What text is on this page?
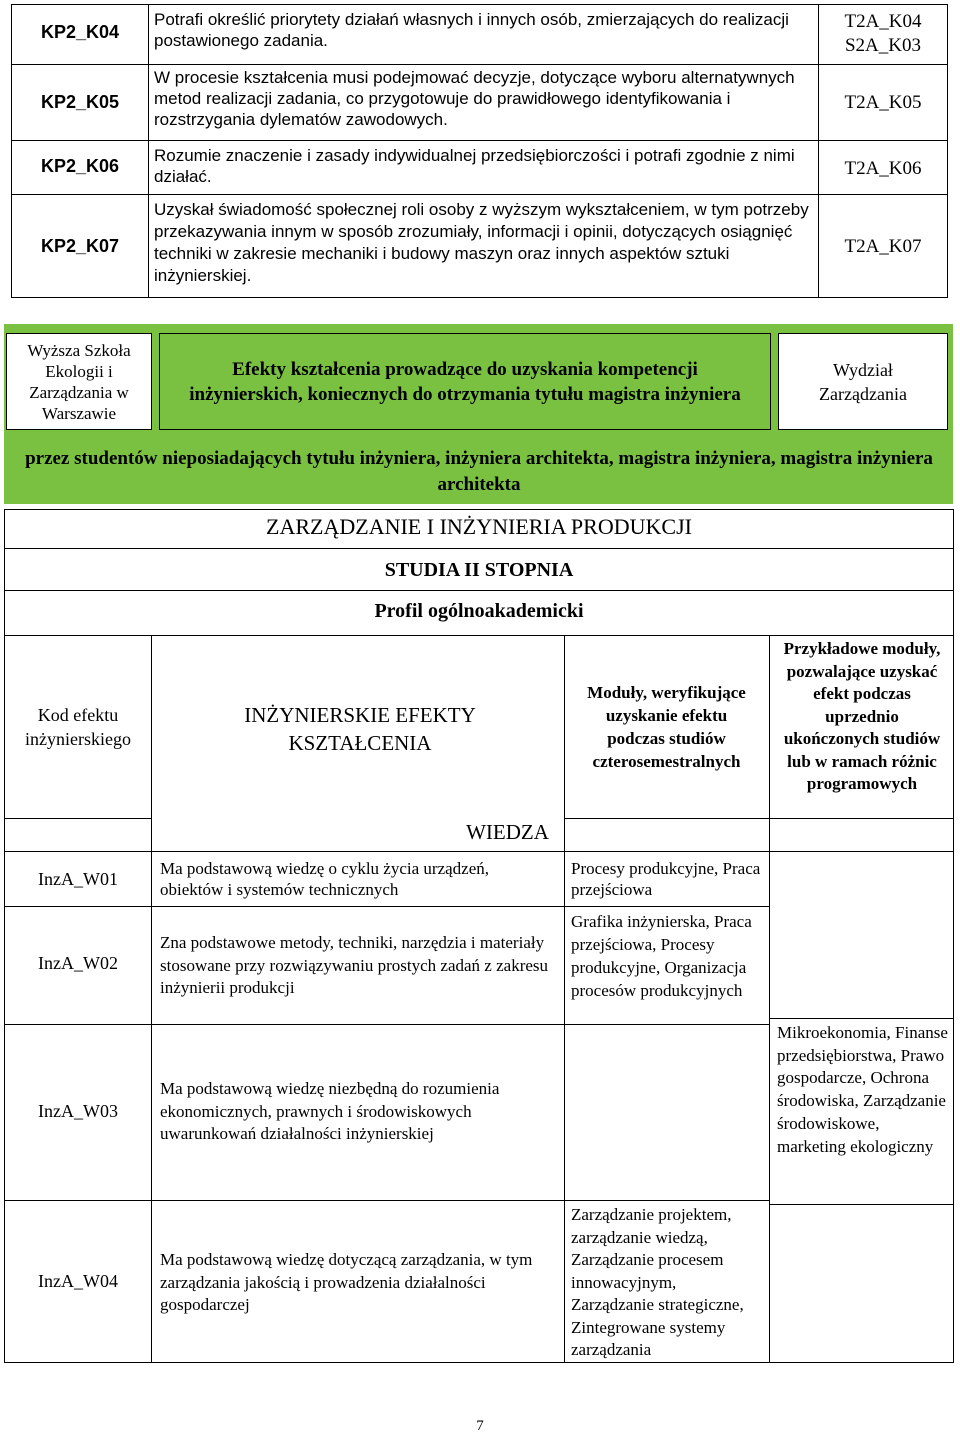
KP2_K04
Potrafi określić priorytety działań własnych i innych osób, zmierzających do realizacji postawionego zadania.
T2A_K04
S2A_K03
KP2_K05
W procesie kształcenia musi podejmować decyzje, dotyczące wyboru alternatywnych metod realizacji zadania, co przygotowuje do prawidłowego identyfikowania i rozstrzygania dylematów zawodowych.
T2A_K05
KP2_K06
Rozumie znaczenie i zasady indywidualnej przedsiębiorczości i potrafi zgodnie z nimi działać.	T2A_K06
KP2_K07
Uzyskał świadomość społecznej roli osoby z wyższym wykształceniem, w tym potrzeby przekazywania innym w sposób zrozumiały, informacji i opinii, dotyczących osiągnięć techniki w zakresie mechaniki i budowy maszyn oraz innych aspektów sztuki inżynierskiej.
T2A_K07
Wyższa Szkoła Ekologii i Zarządzania w Warszawie
Efekty kształcenia prowadzące do uzyskania kompetencji inżynierskich, koniecznych do otrzymania tytułu magistra inżyniera
Wydział Zarządzania
przez studentów nieposiadających tytułu inżyniera, inżyniera architekta, magistra inżyniera, magistra inżyniera architekta
ZARZĄDZANIE I INŻYNIERIA PRODUKCJI
STUDIA II STOPNIA
Profil ogólnoakademicki
Kod efektu inżynierskiego
INŻYNIERSKIE EFEKTY KSZTAŁCENIA
Moduły, weryfikujące uzyskanie efektu podczas studiów czterosemestralnych
Przykładowe moduły, pozwalające uzyskać efekt podczas uprzednio ukończonych studiów lub w ramach różnic programowych
WIEDZA
InzA_W01
Ma podstawową wiedzę o cyklu życia urządzeń, obiektów i systemów technicznych
Procesy produkcyjne, Praca przejściowa
InzA_W02
Zna podstawowe metody, techniki, narzędzia i materiały stosowane przy rozwiązywaniu prostych zadań z zakresu inżynierii produkcji
Grafika inżynierska, Praca przejściowa, Procesy produkcyjne, Organizacja procesów produkcyjnych
InzA_W03
Ma podstawową wiedzę niezbędną do rozumienia ekonomicznych, prawnych i środowiskowych uwarunkowań działalności inżynierskiej
InzA_W04
Ma podstawową wiedzę dotyczącą zarządzania, w tym zarządzania jakością i prowadzenia działalności gospodarczej
Zarządzanie projektem, zarządzanie wiedzą, Zarządzanie procesem innowacyjnym, Zarządzanie strategiczne, Zintegrowane systemy zarządzania
Mikroekonomia, Finanse przedsiębiorstwa, Prawo gospodarcze, Ochrona środowiska, Zarządzanie środowiskowe, marketing ekologiczny
7
